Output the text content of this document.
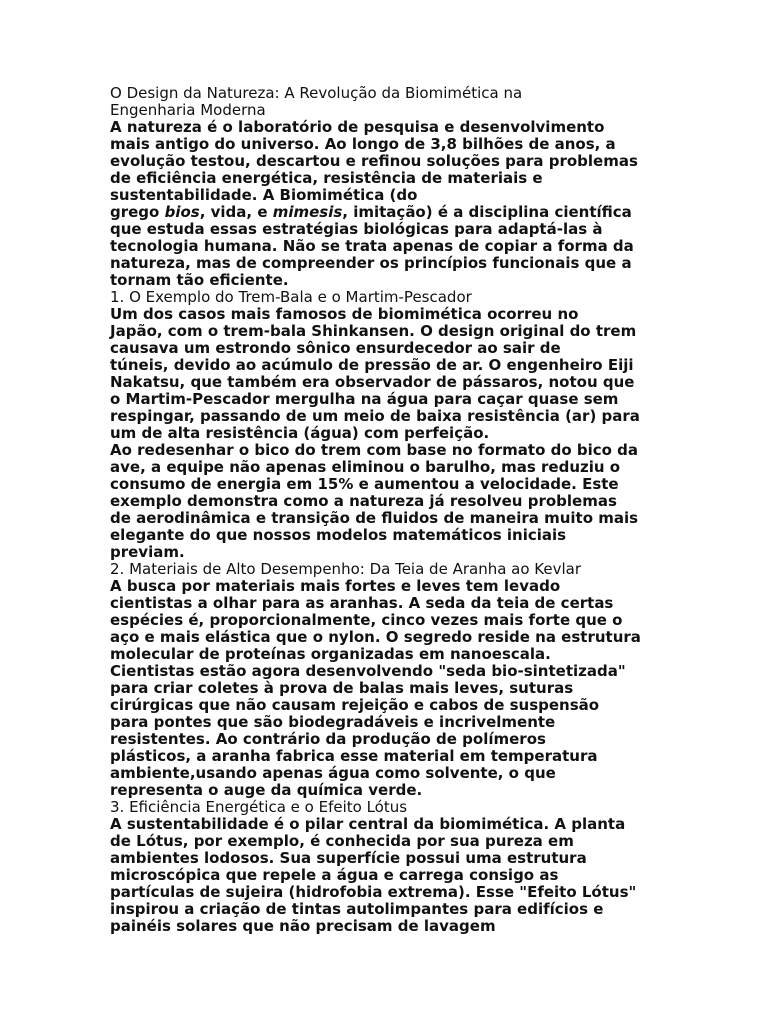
O Design da Natureza: A Revolução da Biomimética na
Engenharia Moderna
A natureza é o laboratório de pesquisa e desenvolvimento
mais antigo do universo. Ao longo de 3,8 bilhões de anos, a
evolução testou, descartou e refinou soluções para problemas
de eficiência energética, resistência de materiais e
sustentabilidade. A Biomimética (do
grego bios, vida, e mimesis, imitação) é a disciplina científica
que estuda essas estratégias biológicas para adaptá-las à
tecnologia humana. Não se trata apenas de copiar a forma da
natureza, mas de compreender os princípios funcionais que a
tornam tão eficiente.
1. O Exemplo do Trem-Bala e o Martim-Pescador
Um dos casos mais famosos de biomimética ocorreu no
Japão, com o trem-bala Shinkansen. O design original do trem
causava um estrondo sônico ensurdecedor ao sair de
túneis, devido ao acúmulo de pressão de ar. O engenheiro Eiji
Nakatsu, que também era observador de pássaros, notou que
o Martim-Pescador mergulha na água para caçar quase sem
respingar, passando de um meio de baixa resistência (ar) para
um de alta resistência (água) com perfeição.
Ao redesenhar o bico do trem com base no formato do bico da
ave, a equipe não apenas eliminou o barulho, mas reduziu o
consumo de energia em 15% e aumentou a velocidade. Este
exemplo demonstra como a natureza já resolveu problemas
de aerodinâmica e transição de fluidos de maneira muito mais
elegante do que nossos modelos matemáticos iniciais
previam.
2. Materiais de Alto Desempenho: Da Teia de Aranha ao Kevlar
A busca por materiais mais fortes e leves tem levado
cientistas a olhar para as aranhas. A seda da teia de certas
espécies é, proporcionalmente, cinco vezes mais forte que o
aço e mais elástica que o nylon. O segredo reside na estrutura
molecular de proteínas organizadas em nanoescala.
Cientistas estão agora desenvolvendo "seda bio-sintetizada"
para criar coletes à prova de balas mais leves, suturas
cirúrgicas que não causam rejeição e cabos de suspensão
para pontes que são biodegradáveis e incrivelmente
resistentes. Ao contrário da produção de polímeros
plásticos, a aranha fabrica esse material em temperatura
ambiente,usando apenas água como solvente, o que
representa o auge da química verde.
3. Eficiência Energética e o Efeito Lótus
A sustentabilidade é o pilar central da biomimética. A planta
de Lótus, por exemplo, é conhecida por sua pureza em
ambientes lodosos. Sua superfície possui uma estrutura
microscópica que repele a água e carrega consigo as
partículas de sujeira (hidrofobia extrema). Esse "Efeito Lótus"
inspirou a criação de tintas autolimpantes para edifícios e
painéis solares que não precisam de lavagem
